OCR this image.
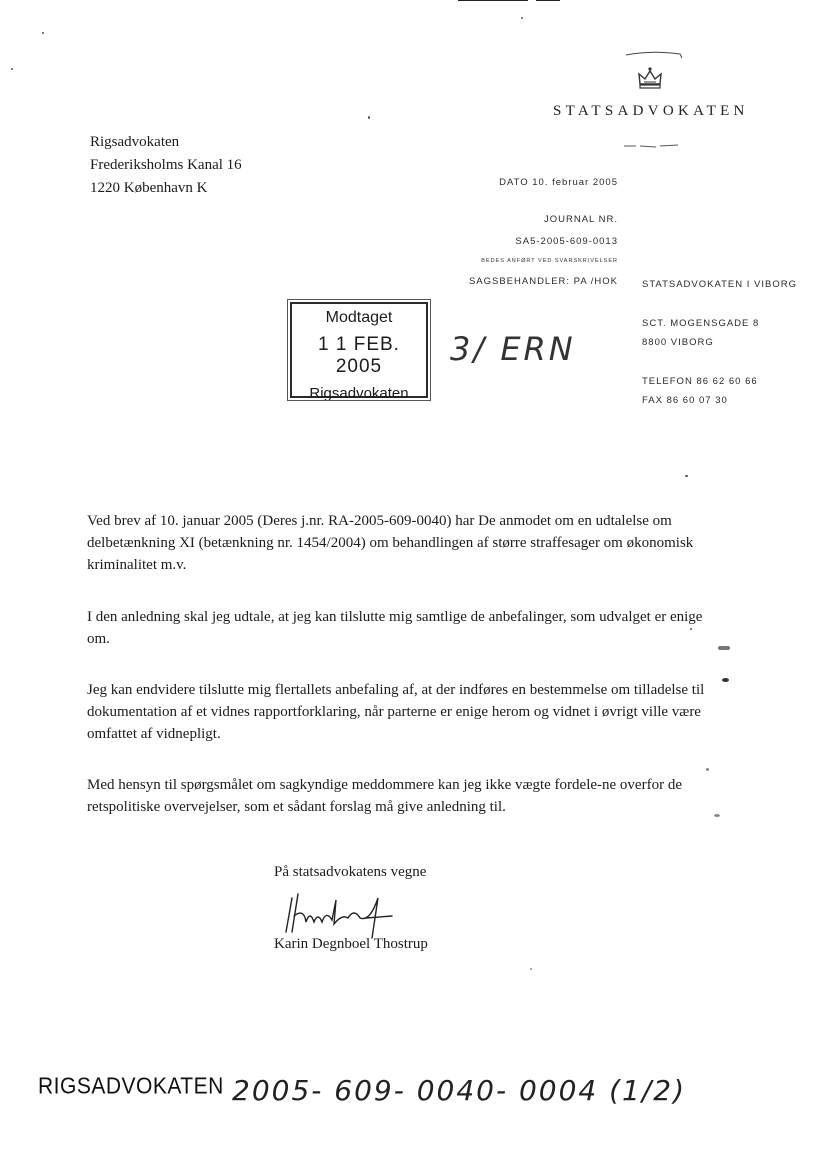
STATSADVOKATEN
Rigsadvokaten
Frederiksholms Kanal 16
1220 København K	DATO 10. februar 2005
JOURNAL NR.
SA5-2005-609-0013
BEDES ANFØRT VED SVARSKRIVELSER
SAGSBEHANDLER: PA /HOK	STATSADVOKATEN I VIBORG
SCT. MOGENSGADE 8
8800 VIBORG
TELEFON 86 62 60 66
FAX 86 60 07 30
Modtaget
1 1 FEB. 2005
Rigsadvokaten
3/ ERN
Ved brev af 10. januar 2005 (Deres j.nr. RA-2005-609-0040) har De anmodet om en udtalelse om delbetænkning XI (betænkning nr. 1454/2004) om behandlingen af større straffesager om økonomisk kriminalitet m.v.
I den anledning skal jeg udtale, at jeg kan tilslutte mig samtlige de anbefalinger, som udvalget er enige om.
Jeg kan endvidere tilslutte mig flertallets anbefaling af, at der indføres en bestemmelse om tilladelse til dokumentation af et vidnes rapportforklaring, når parterne er enige herom og vidnet i øvrigt ville være omfattet af vidnepligt.
Med hensyn til spørgsmålet om sagkyndige meddommere kan jeg ikke vægte fordele-ne overfor de retspolitiske overvejelser, som et sådant forslag må give anledning til.
På statsadvokatens vegne
Karin Degnboel Thostrup
RIGSADVOKATEN 2005- 609- 0040- 0004 (1/2)
